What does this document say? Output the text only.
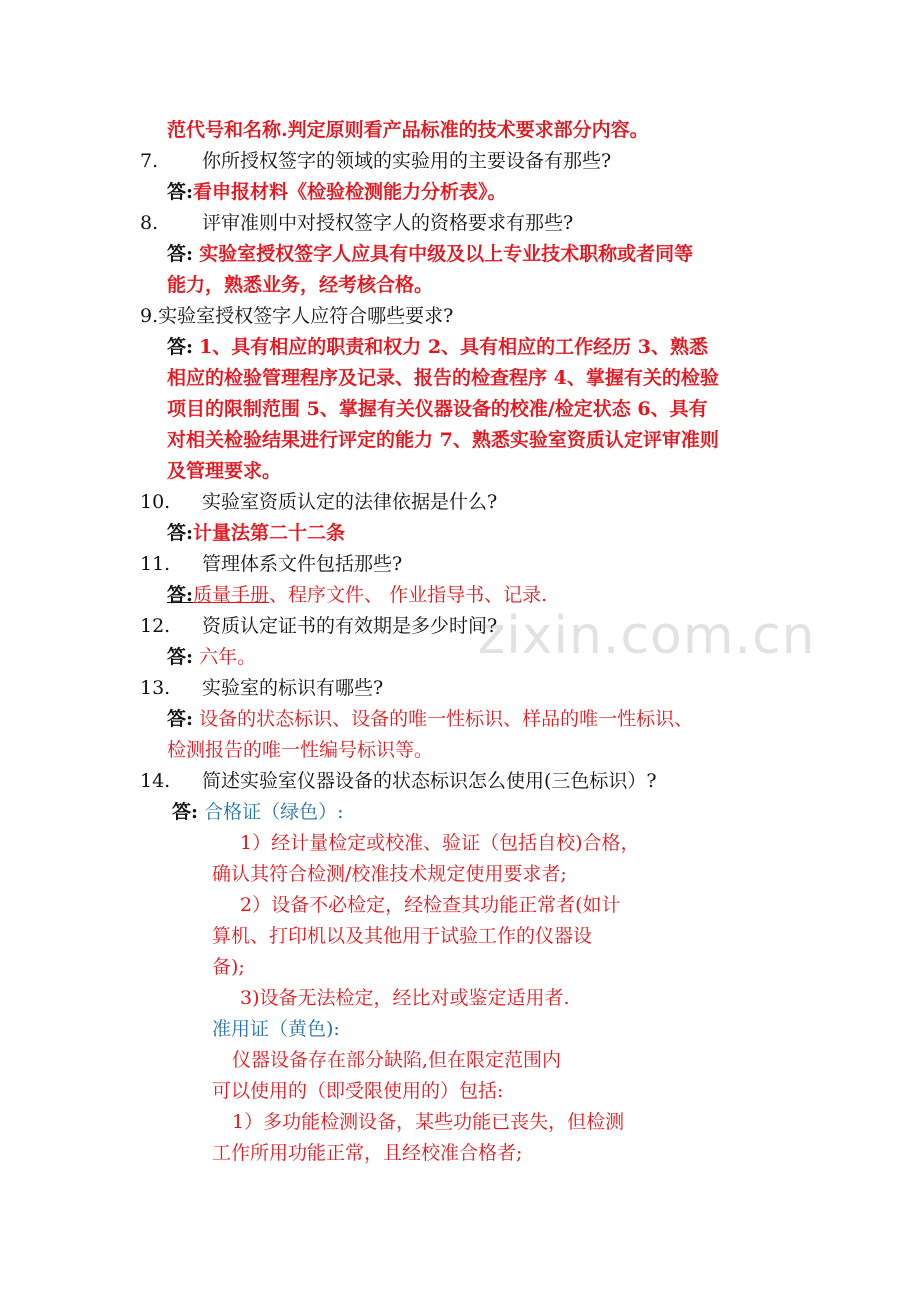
范代号和名称.判定原则看产品标准的技术要求部分内容。
7. 你所授权签字的领域的实验用的主要设备有那些?
答:看申报材料《检验检测能力分析表》。
8. 评审准则中对授权签字人的资格要求有那些?
答: 实验室授权签字人应具有中级及以上专业技术职称或者同等
能力，熟悉业务，经考核合格。
9.实验室授权签字人应符合哪些要求?
答: 1、具有相应的职责和权力 2、具有相应的工作经历 3、熟悉
相应的检验管理程序及记录、报告的检查程序 4、掌握有关的检验
项目的限制范围 5、掌握有关仪器设备的校准/检定状态 6、具有
对相关检验结果进行评定的能力 7、熟悉实验室资质认定评审准则
及管理要求。
10. 实验室资质认定的法律依据是什么?
答:计量法第二十二条
11. 管理体系文件包括那些?
答:质量手册、程序文件、 作业指导书、记录.
12. 资质认定证书的有效期是多少时间?
答: 六年。
13. 实验室的标识有哪些?
答: 设备的状态标识、设备的唯一性标识、样品的唯一性标识、
检测报告的唯一性编号标识等。
14. 简述实验室仪器设备的状态标识怎么使用(三色标识）?
答: 合格证（绿色）:
1）经计量检定或校准、验证（包括自校)合格，
确认其符合检测/校准技术规定使用要求者;
2）设备不必检定，经检查其功能正常者(如计
算机、打印机以及其他用于试验工作的仪器设
备);
3)设备无法检定，经比对或鉴定适用者.
准用证（黄色):
仪器设备存在部分缺陷,但在限定范围内
可以使用的（即受限使用的）包括:
1）多功能检测设备，某些功能已丧失，但检测
工作所用功能正常，且经校准合格者;
zixin.com.cn
